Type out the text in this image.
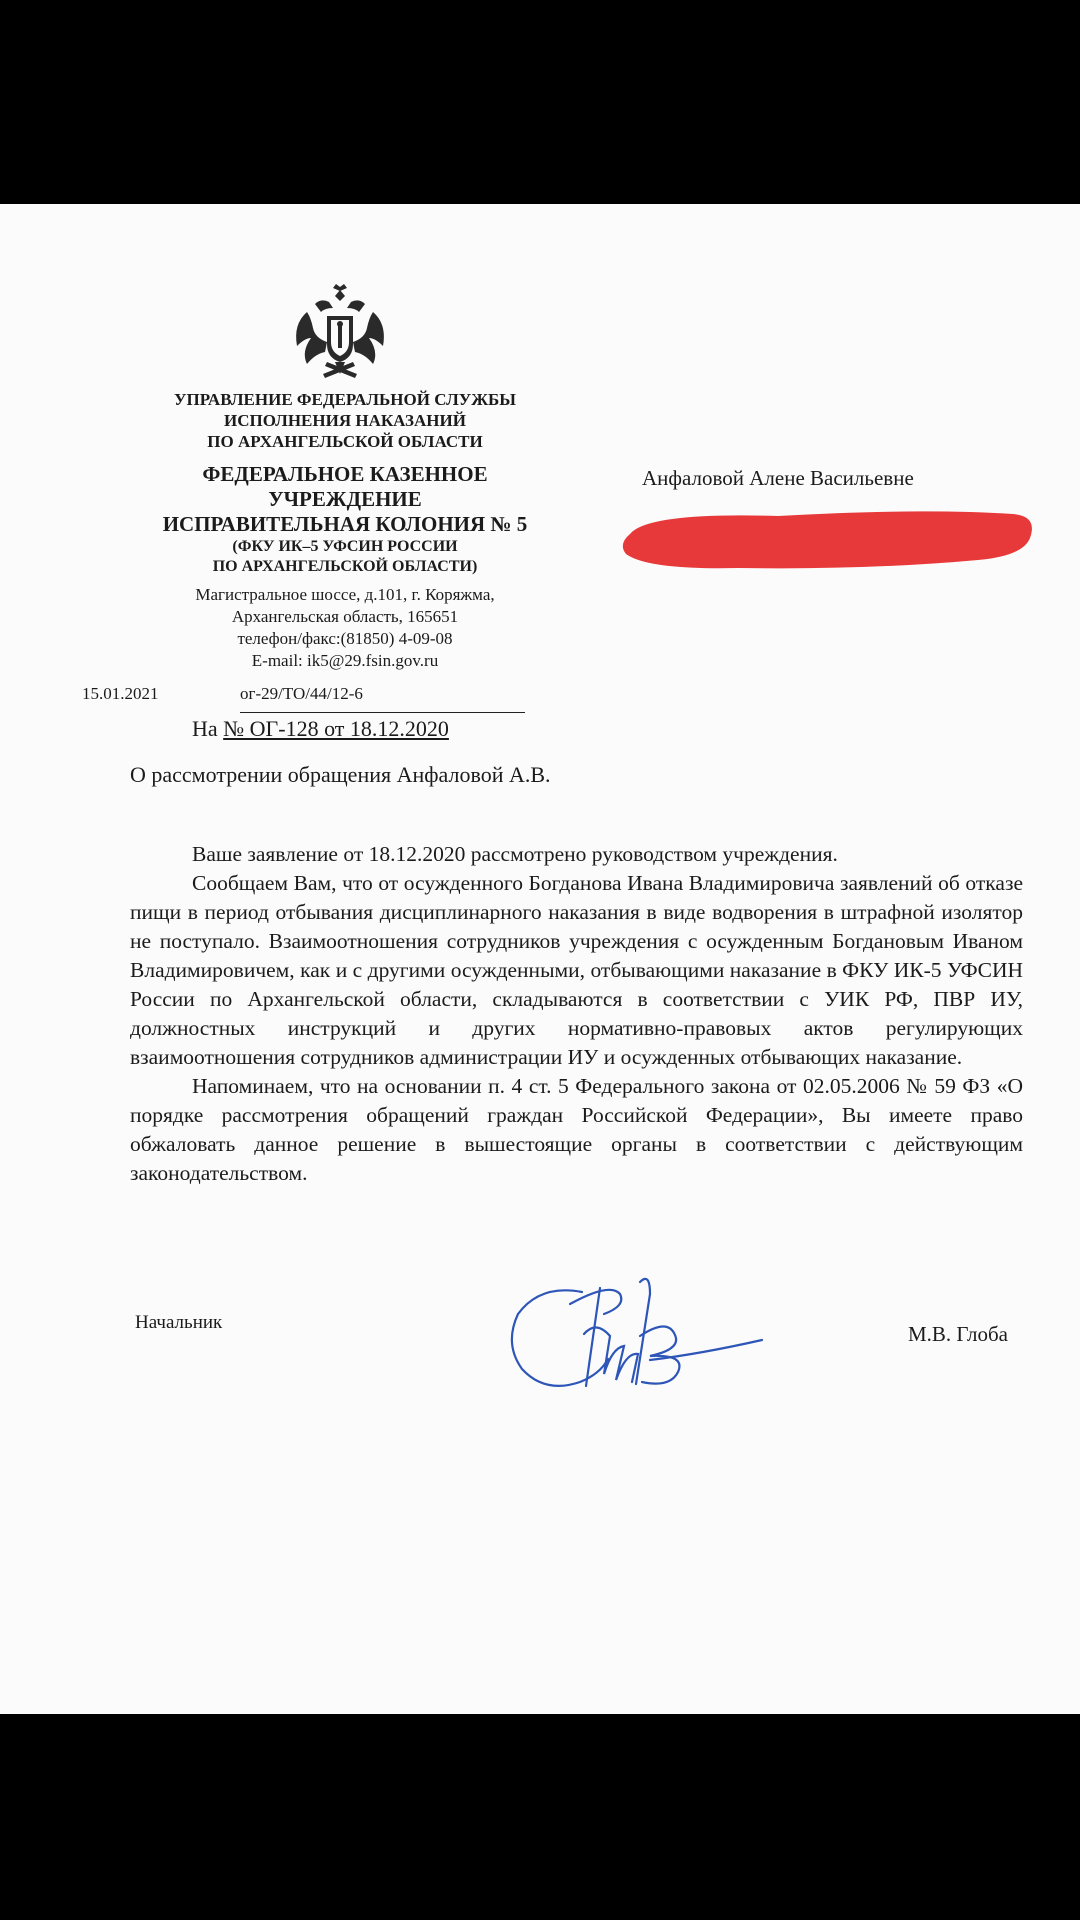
УПРАВЛЕНИЕ ФЕДЕРАЛЬНОЙ СЛУЖБЫ
ИСПОЛНЕНИЯ НАКАЗАНИЙ
ПО АРХАНГЕЛЬСКОЙ ОБЛАСТИ
ФЕДЕРАЛЬНОЕ КАЗЕННОЕ
УЧРЕЖДЕНИЕ
ИСПРАВИТЕЛЬНАЯ КОЛОНИЯ № 5
(ФКУ ИК–5 УФСИН РОССИИ
ПО АРХАНГЕЛЬСКОЙ ОБЛАСТИ)
Магистральное шоссе, д.101, г. Коряжма,
Архангельская область, 165651
телефон/факс:(81850) 4-09-08
E-mail: ik5@29.fsin.gov.ru
15.01.2021	ог-29/ТО/44/12-6
На № ОГ-128 от 18.12.2020
Анфаловой Алене Васильевне
О рассмотрении обращения Анфаловой А.В.

Ваше заявление от 18.12.2020 рассмотрено руководством учреждения.

Сообщаем Вам, что от осужденного Богданова Ивана Владимировича заявлений об отказе пищи в период отбывания дисциплинарного наказания в виде водворения в штрафной изолятор не поступало. Взаимоотношения сотрудников учреждения с осужденным Богдановым Иваном Владимировичем, как и с другими осужденными, отбывающими наказание в ФКУ ИК-5 УФСИН России по Архангельской области, складываются в соответствии с УИК РФ, ПВР ИУ, должностных инструкций и других нормативно-правовых актов регулирующих взаимоотношения сотрудников администрации ИУ и осужденных отбывающих наказание.

Напоминаем, что на основании п. 4 ст. 5 Федерального закона от 02.05.2006 № 59 ФЗ «О порядке рассмотрения обращений граждан Российской Федерации», Вы имеете право обжаловать данное решение в вышестоящие органы в соответствии с действующим законодательством.

Начальник	М.В. Глоба
